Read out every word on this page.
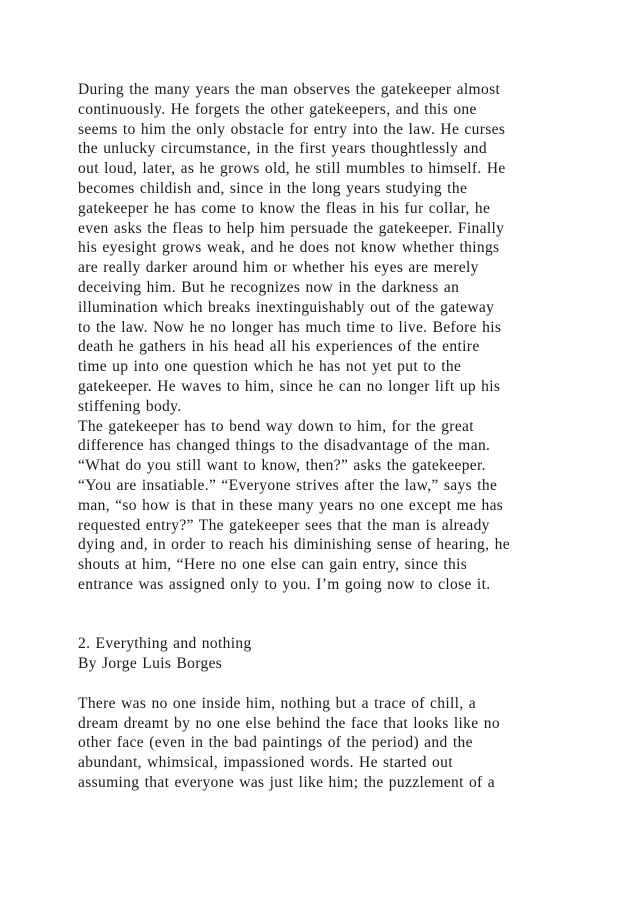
During the many years the man observes the gatekeeper almost
continuously. He forgets the other gatekeepers, and this one
seems to him the only obstacle for entry into the law. He curses
the unlucky circumstance, in the first years thoughtlessly and
out loud, later, as he grows old, he still mumbles to himself. He
becomes childish and, since in the long years studying the
gatekeeper he has come to know the fleas in his fur collar, he
even asks the fleas to help him persuade the gatekeeper. Finally
his eyesight grows weak, and he does not know whether things
are really darker around him or whether his eyes are merely
deceiving him. But he recognizes now in the darkness an
illumination which breaks inextinguishably out of the gateway
to the law. Now he no longer has much time to live. Before his
death he gathers in his head all his experiences of the entire
time up into one question which he has not yet put to the
gatekeeper. He waves to him, since he can no longer lift up his
stiffening body.
The gatekeeper has to bend way down to him, for the great
difference has changed things to the disadvantage of the man.
“What do you still want to know, then?” asks the gatekeeper.
“You are insatiable.” “Everyone strives after the law,” says the
man, “so how is that in these many years no one except me has
requested entry?” The gatekeeper sees that the man is already
dying and, in order to reach his diminishing sense of hearing, he
shouts at him, “Here no one else can gain entry, since this
entrance was assigned only to you. I’m going now to close it.
2. Everything and nothing
By Jorge Luis Borges
There was no one inside him, nothing but a trace of chill, a
dream dreamt by no one else behind the face that looks like no
other face (even in the bad paintings of the period) and the
abundant, whimsical, impassioned words. He started out
assuming that everyone was just like him; the puzzlement of a
